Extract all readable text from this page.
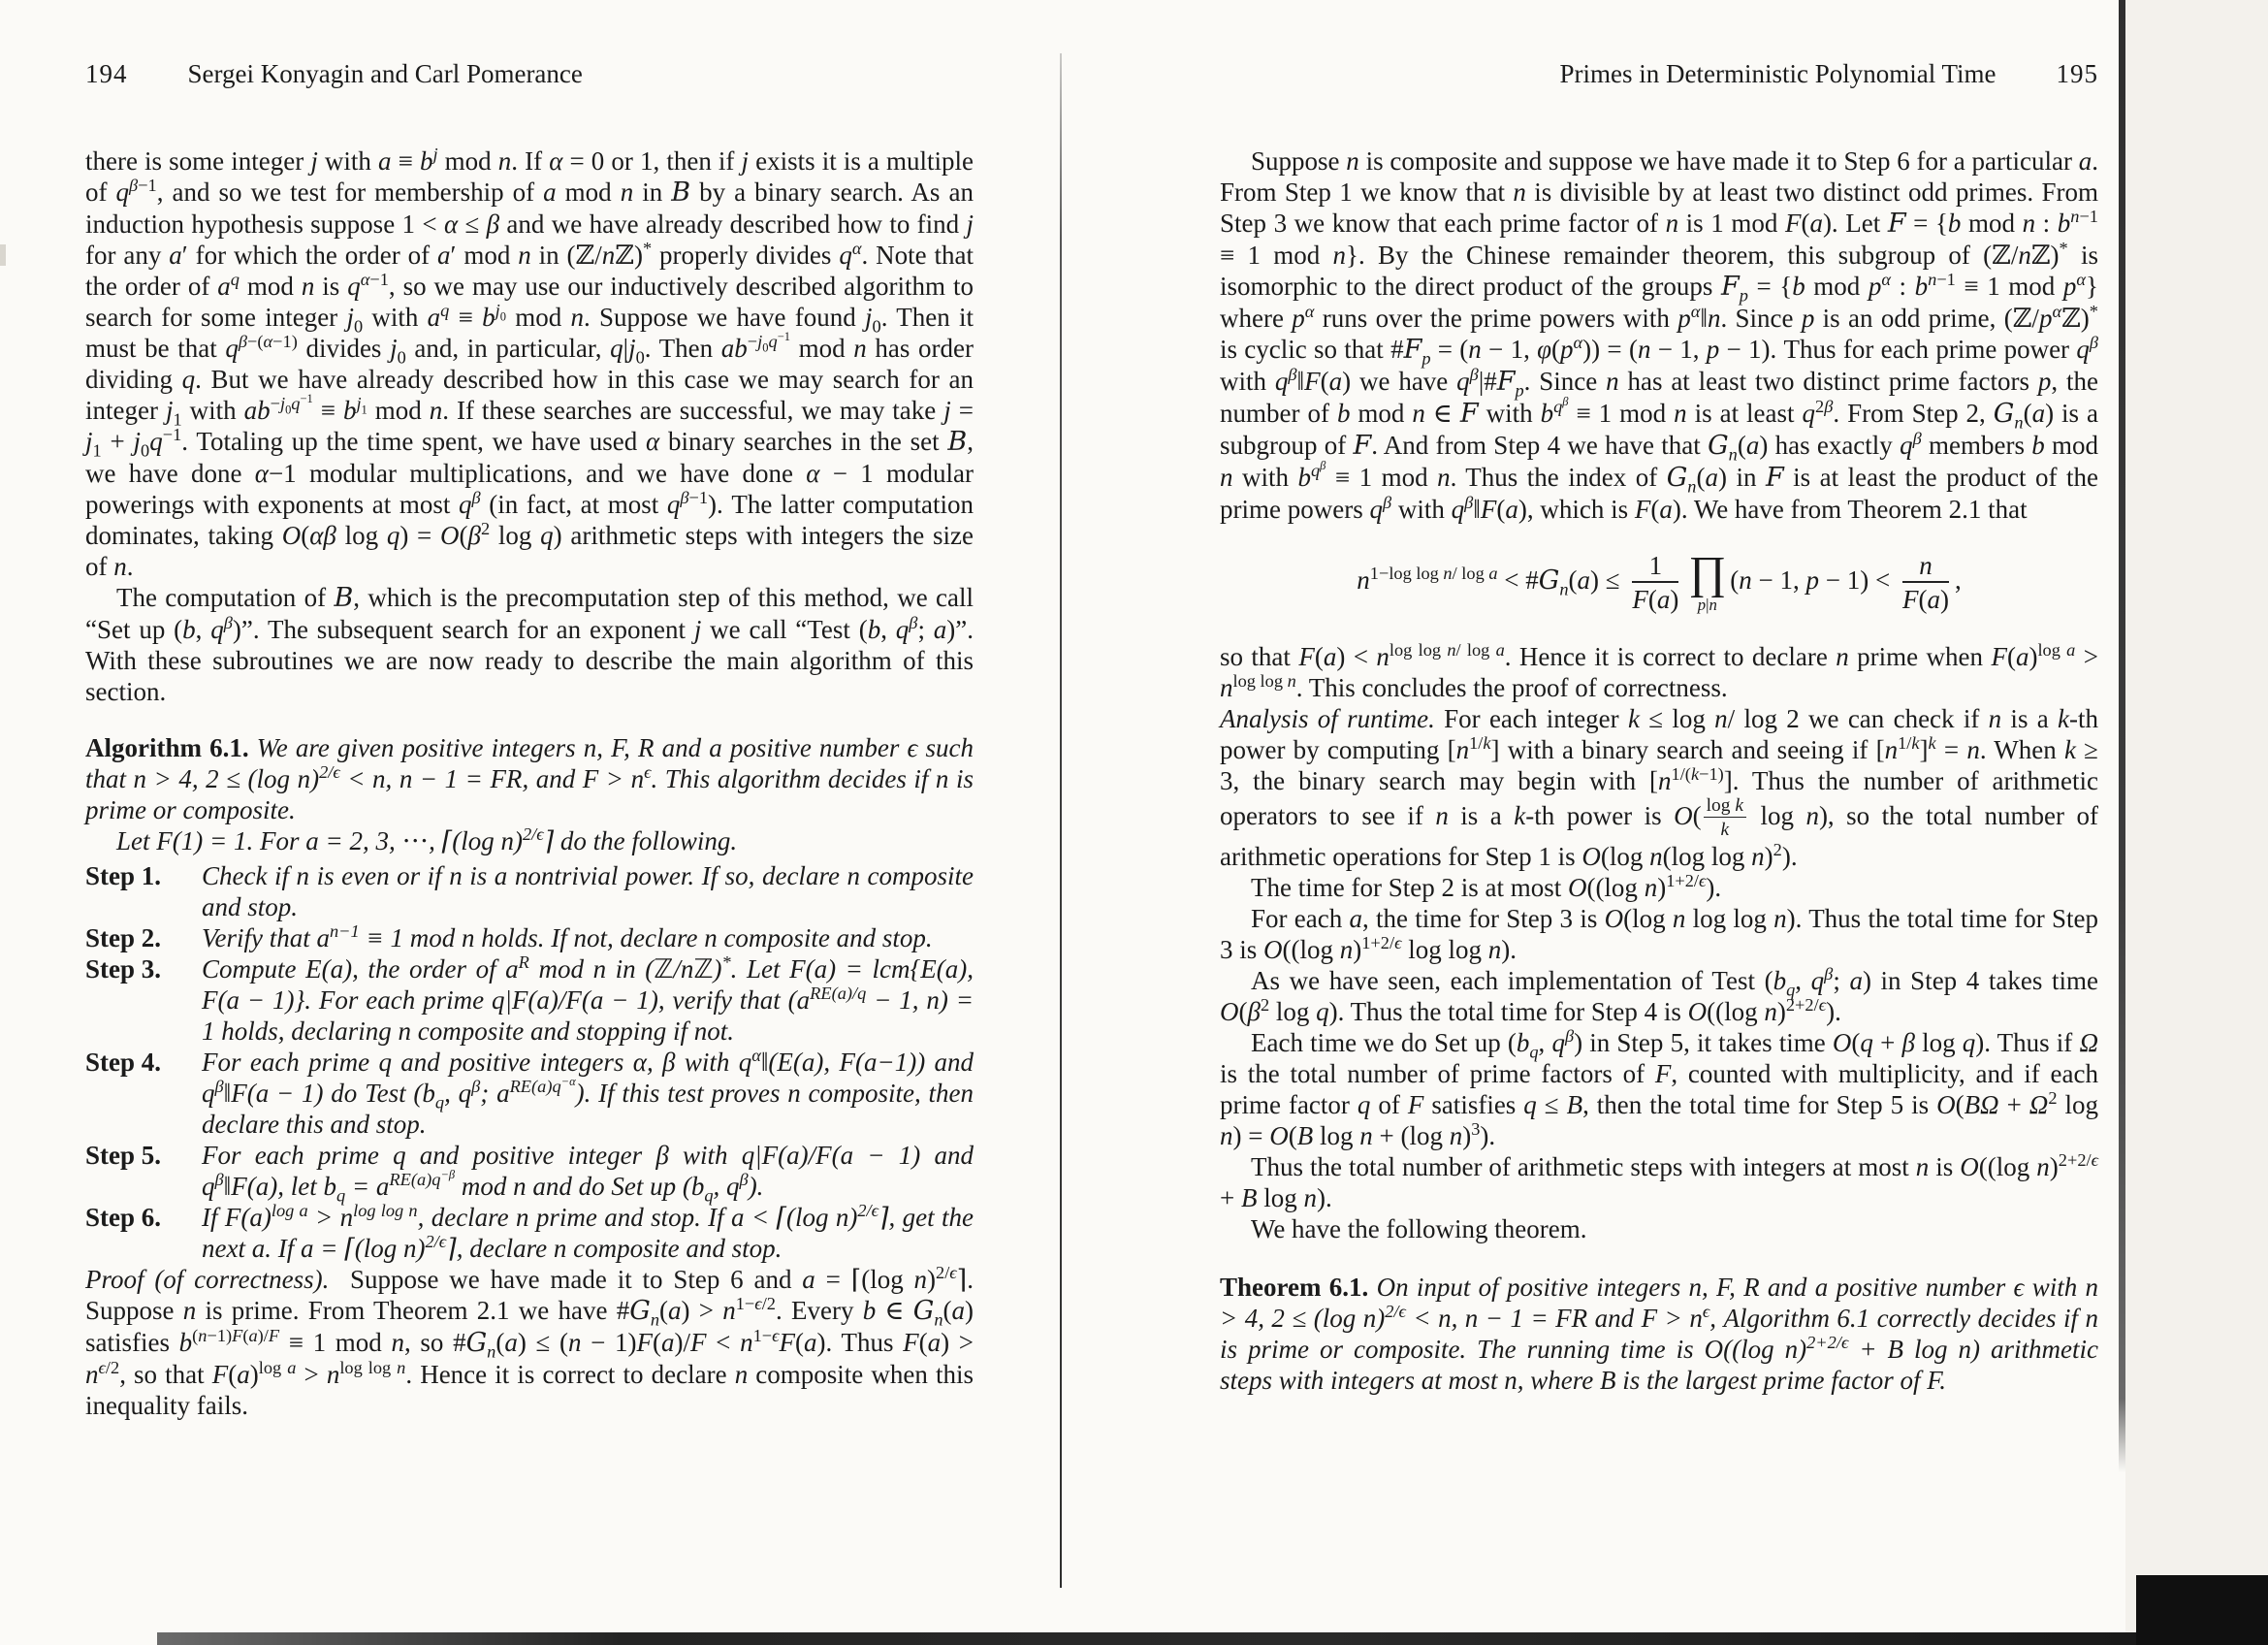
194 Sergei Konyagin and Carl Pomerance

there is some integer j with $a \equiv b^j$ mod n. If α = 0 or 1, then if j exists it is a multiple of $q^{\beta-1}$, and so we test for membership of a mod n in B by a binary search. As an induction hypothesis suppose 1 < α ≤ β and we have already described how to find j for any a′ for which the order of a′ mod n in (ℤ/nℤ)* properly divides $q^\alpha$. Note that the order of $a^q$ mod n is $q^{\alpha-1}$, so we may use our inductively described algorithm to search for some integer $j_0$ with $a^q \equiv b^{j_0}$ mod n. Suppose we have found $j_0$. Then it must be that $q^{\beta-(\alpha-1)}$ divides $j_0$ and, in particular, $q|j_0$. Then $ab^{-j_0q^{-1}}$ mod n has order dividing q. But we have already described how in this case we may search for an integer $j_1$ with $ab^{-j_0q^{-1}} \equiv b^{j_1}$ mod n. If these searches are successful, we may take $j = j_1 + j_0q^{-1}$. Totaling up the time spent, we have used α binary searches in the set B, we have done α−1 modular multiplications, and we have done α − 1 modular powerings with exponents at most $q^\beta$ (in fact, at most $q^{\beta-1}$). The latter computation dominates, taking O(αβ $\log q) = O(\beta^2$ log q) arithmetic steps with integers the size of n.

The computation of B, which is the precomputation step of this method, we call “Set up (b, $q^\beta$)”. The subsequent search for an exponent j we call “Test (b, $q^\beta$; a)”. With these subroutines we are now ready to describe the main algorithm of this section.

Algorithm 6.1. We are given positive integers n, F, R and a positive number ϵ such that n > 4, 2 ≤ (log n)$^{2/\epsilon}$ < n, n − 1 = FR, and $F > n^\epsilon$. This algorithm decides if n is prime or composite.

Let F(1) = 1. For a = 2, 3, ⋅⋅⋅, ⌈(log n)$^{2/\epsilon}$⌉ do the following.

Step 1.	Check if n is even or if n is a nontrivial power. If so, declare n composite and stop.
Step 2.	Verify that $a^{n-1} \equiv 1$ mod n holds. If not, declare n composite and stop.
Step 3.	Compute E(a), the order of $a^R$ mod n in (ℤ/nℤ)*. Let F(a) = lcm{E(a), F(a − 1)}. For each prime q|F(a)/F(a − 1), verify that ($a^{RE(a)/q} - 1$, n) = 1 holds, declaring n composite and stopping if not.
Step 4.	For each prime q and positive integers α, β with $q^\alpha‖(E(a)$, F(a−1)) and $q^\beta‖F(a - 1)$ do Test ($b_q$, $q^\beta$; $a^{RE(a)q^{-\alpha}}$). If this test proves n composite, then declare this and stop.
Step 5.	For each prime q and positive integer β with q|F(a)/F(a − 1) and $q^\beta‖F(a)$, let $b_q = a^{RE(a)q^{-\beta}}$ mod n and do Set up ($b_q$, $q^\beta$).
Step 6.	If $F(a)^{log a} > n^{log log n}$, declare n prime and stop. If a < ⌈(log n)$^{2/\epsilon}$⌉, get the next a. If a = ⌈(log n)$^{2/\epsilon}$⌉, declare n composite and stop.

Proof (of correctness).  Suppose we have made it to Step 6 and a = ⌈(log n)$^{2/\epsilon}$⌉. Suppose n is prime. From Theorem 2.1 we have $\#G_n(a) > n^{1-\epsilon/2}$. Every b ∈ $G_n(a)$ satisfies $b^{(n-1)F(a)/F} \equiv 1$ mod n, so $\#G_n(a) \le (n - 1)F(a)/F < n^{1-\epsilon}F(a)$. Thus $F(a) > n^{\epsilon/2}$, so that $F(a)^{log a} > n^{log log n}$. Hence it is correct to declare n composite when this inequality fails.

Primes in Deterministic Polynomial Time 195

Suppose n is composite and suppose we have made it to Step 6 for a particular a. From Step 1 we know that n is divisible by at least two distinct odd primes. From Step 3 we know that each prime factor of n is 1 mod F(a). Let F = {b mod n : $b^{n-1} \equiv 1$ mod n}. By the Chinese remainder theorem, this subgroup of (ℤ/nℤ)* is isomorphic to the direct product of the groups $F_p = \{b$ mod $p^\alpha$ : $b^{n-1} \equiv 1$ mod $p^\alpha$} where $p^\alpha$ runs over the prime powers with $p^\alpha‖n$. Since p is an odd prime, $(ℤ/p^\alpha ℤ)^*$ is cyclic so that $\#F_p = (n - 1$, $\varphi(p^\alpha)) = (n - 1$, p − 1). Thus for each prime power $q^\beta$ with $q^\beta‖F(a)$ we have $q^\beta|\#F_p$. Since n has at least two distinct prime factors p, the number of b mod n ∈ F with $b^{q^\beta} \equiv 1$ mod n is at least $q^{2\beta}$. From Step 2, $G_n(a)$ is a subgroup of F. And from Step 4 we have that $G_n(a)$ has exactly $q^\beta$ members b mod n with $b^{q^\beta} \equiv 1$ mod n. Thus the index of $G_n(a)$ in F is at least the product of the prime powers $q^\beta$ with $q^\beta‖F(a)$, which is F(a). We have from Theorem 2.1 that

$n^{1-log log n/ log a}$ < $\#G_n(a) \le \frac{1}{F(a)}$ ∏
p|n
(n − 1, $p - 1) < \frac{n}{F(a)}$ ,

so that $F(a) < n^{log log n/ log a}$. Hence it is correct to declare n prime when $F(a)^{log a} > n^{log log n}$. This concludes the proof of correctness.

Analysis of runtime. For each integer k ≤ log n/ log 2 we can check if n is a k-th power by computing $[n^{1/k}]$ with a binary search and seeing if $[n^{1/k}]^k = n$. When k ≥ 3, the binary search may begin with $[n^{1/(k-1)}]$. Thus the number of arithmetic operators to see if n is a k-th power is $O( \frac{\text{log k}}{k}$ log n), so the total number of arithmetic operations for Step 1 is O(log n(log log n)$^2$).

The time for Step 2 is at most O((log n)$^{1+2/\epsilon}$).

For each a, the time for Step 3 is O(log n log log n). Thus the total time for Step 3 is O((log n)$^{1+2/\epsilon}$ log log n).

As we have seen, each implementation of Test ($b_q$, $q^\beta$; a) in Step 4 takes time $O(\beta^2$ log q). Thus the total time for Step 4 is O((log n)$^{2+2/\epsilon}$).

Each time we do Set up ($b_q$, $q^\beta$) in Step 5, it takes time O(q + β log q). Thus if Ω is the total number of prime factors of F, counted with multiplicity, and if each prime factor q of F satisfies q ≤ B, then the total time for Step 5 is $O(B\Omega + \Omega^2$ log n) = O(B log n + (log n)$^3$).

Thus the total number of arithmetic steps with integers at most n is O((log n)$^{2+2/\epsilon}$ + B log n).

We have the following theorem.

Theorem 6.1. On input of positive integers n, F, R and a positive number ϵ with n > 4, 2 ≤ (log n)$^{2/\epsilon}$ < n, n − 1 = FR and $F > n^\epsilon$, Algorithm 6.1 correctly decides if n is prime or composite. The running time is O((log n)$^{2+2/\epsilon}$ + B log n) arithmetic steps with integers at most n, where B is the largest prime factor of F.
